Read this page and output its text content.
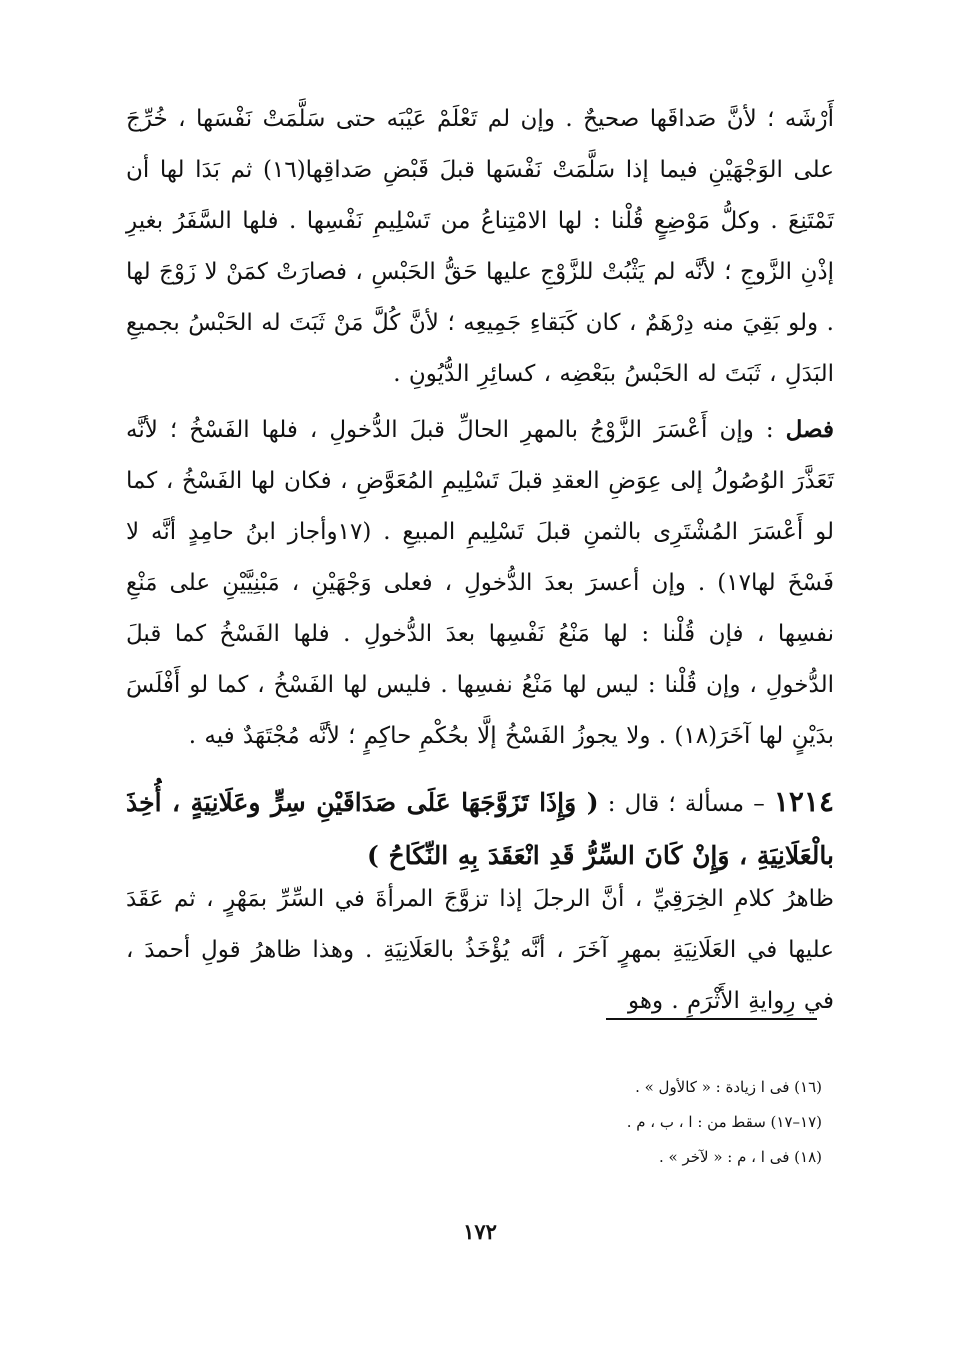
أَرْشَه ؛ لأنَّ صَداقَها صحيحٌ . وإن لم تَعْلَمْ عَيْبَه حتى سَلَّمَتْ نَفْسَها ، خُرِّجَ على الوَجْهَيْنِ فيما إذا سَلَّمَتْ نَفْسَها قبلَ قَبْضِ صَداقِها(١٦) ثم بَدَا لها أن تَمْتَنِعَ . وكلُّ مَوْضِعٍ قُلْنا : لها الامْتِناعُ من تَسْلِيمِ نَفْسِها . فلها السَّفَرُ بغيرِ إذْنِ الزَّوجِ ؛ لأنَّه لم يَثْبُتْ للزَّوْجِ عليها حَقُّ الحَبْسِ ، فصارَتْ كمَنْ لا زَوْجَ لها . ولو بَقِيَ منه دِرْهَمٌ ، كان كَبَقاءِ جَمِيعِه ؛ لأنَّ كُلَّ مَنْ ثَبَتَ له الحَبْسُ بجميعِ البَدَلِ ، ثَبَتَ له الحَبْسُ ببَعْضِه ، كسائِرِ الدُّيُونِ .

فصل : وإن أَعْسَرَ الزَّوْجُ بالمهرِ الحالِّ قبلَ الدُّخولِ ، فلها الفَسْخُ ؛ لأنَّه تَعَذَّرَ الوُصُولُ إلى عِوَضِ العقدِ قبلَ تَسْلِيمِ المُعَوَّضِ ، فكان لها الفَسْخُ ، كما لو أَعْسَرَ المُشْتَرِى بالثمنِ قبلَ تَسْلِيمِ المبيعِ . (١٧وأجاز ابنُ حامِدٍ أنَّه لا فَسْخَ لها١٧) . وإن أعسرَ بعدَ الدُّخولِ ، فعلى وَجْهَيْنِ ، مَبْنِيَّيْنِ على مَنْعِ نفسِها ، فإن قُلْنا : لها مَنْعُ نَفْسِها بعدَ الدُّخولِ . فلها الفَسْخُ كما قبلَ الدُّخولِ ، وإن قُلْنا : ليس لها مَنْعُ نفسِها . فليس لها الفَسْخُ ، كما لو أَفْلَسَ بدَيْنٍ لها آخَرَ(١٨) . ولا يجوزُ الفَسْخُ إلَّا بحُكْمِ حاكِمٍ ؛ لأنَّه مُجْتَهَدٌ فيه .

١٢١٤ – مسألة ؛ قال : ( وَإِذَا تَزَوَّجَهَا عَلَى صَدَاقَيْنِ سِرٍّ وعَلَانِيَةٍ ، أُخِذَ بالْعَلَانِيَةِ ، وَإِنْ كَانَ السِّرُّ قَدِ انْعَقَدَ بِهِ النِّكَاحُ )

ظاهرُ كلامِ الخِرَقِيِّ ، أنَّ الرجلَ إذا تزوَّجَ المرأةَ في السِّرِّ بمَهْرٍ ، ثم عَقَدَ عليها في العَلَانِيَةِ بمهرٍ آخَرَ ، أنَّه يُؤْخَذُ بالعَلَانِيَةِ . وهذا ظاهرُ قولِ أحمدَ ، في رِوايةِ الأَثْرَمِ . وهو

(١٦) فى ا زيادة : « كالأول » .

(١٧–١٧) سقط من : ا ، ب ، م .

(١٨) فى ا ، م : « لآخر » .

١٧٢
